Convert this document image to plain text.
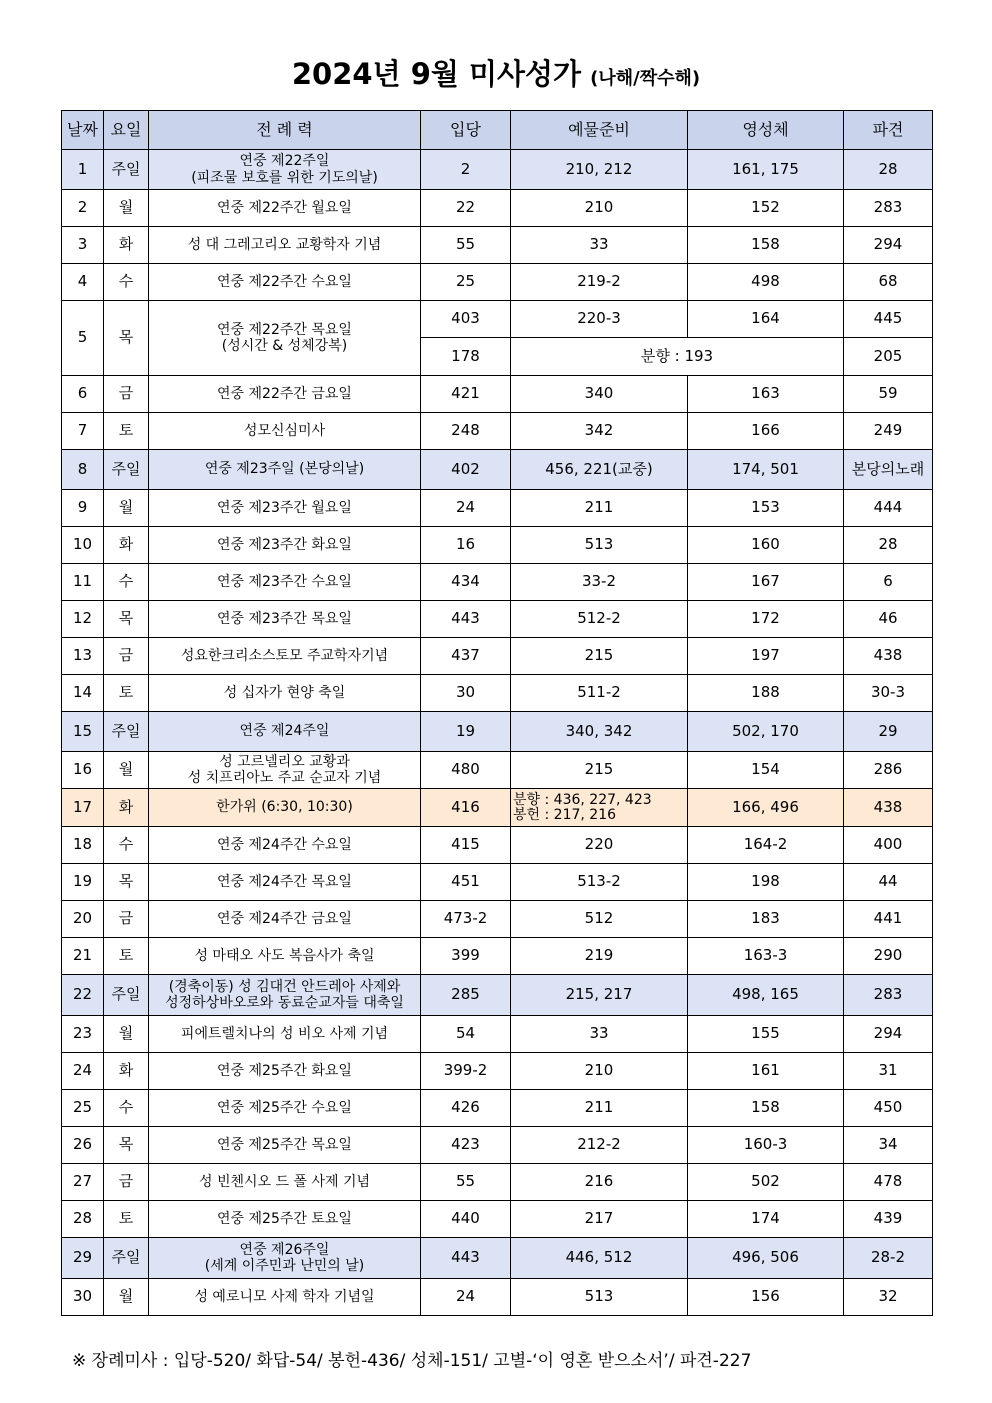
2024년 9월 미사성가 (나해/짝수해)
날짜	요일	전 례 력	입당	예물준비	영성체	파견
1	주일	연중 제22주일
(피조물 보호를 위한 기도의날)	2	210, 212	161, 175	28
2	월	연중 제22주간 월요일	22	210	152	283
3	화	성 대 그레고리오 교황학자 기념	55	33	158	294
4	수	연중 제22주간 수요일	25	219-2	498	68
5	목	연중 제22주간 목요일
(성시간 & 성체강복)	403	220-3	164	445
			178	분향 : 193		205
6	금	연중 제22주간 금요일	421	340	163	59
7	토	성모신심미사	248	342	166	249
8	주일	연중 제23주일 (본당의날)	402	456, 221(교중)	174, 501	본당의노래
9	월	연중 제23주간 월요일	24	211	153	444
10	화	연중 제23주간 화요일	16	513	160	28
11	수	연중 제23주간 수요일	434	33-2	167	6
12	목	연중 제23주간 목요일	443	512-2	172	46
13	금	성요한크리소스토모 주교학자기념	437	215	197	438
14	토	성 십자가 현양 축일	30	511-2	188	30-3
15	주일	연중 제24주일	19	340, 342	502, 170	29
16	월	성 고르넬리오 교황과
성 치프리아노 주교 순교자 기념	480	215	154	286
17	화	한가위 (6:30, 10:30)	416	분향 : 436, 227, 423
봉헌 : 217, 216	166, 496	438
18	수	연중 제24주간 수요일	415	220	164-2	400
19	목	연중 제24주간 목요일	451	513-2	198	44
20	금	연중 제24주간 금요일	473-2	512	183	441
21	토	성 마태오 사도 복음사가 축일	399	219	163-3	290
22	주일	(경축이동) 성 김대건 안드레아 사제와
성정하상바오로와 동료순교자들 대축일	285	215, 217	498, 165	283
23	월	피에트렐치나의 성 비오 사제 기념	54	33	155	294
24	화	연중 제25주간 화요일	399-2	210	161	31
25	수	연중 제25주간 수요일	426	211	158	450
26	목	연중 제25주간 목요일	423	212-2	160-3	34
27	금	성 빈첸시오 드 폴 사제 기념	55	216	502	478
28	토	연중 제25주간 토요일	440	217	174	439
29	주일	연중 제26주일
(세계 이주민과 난민의 날)	443	446, 512	496, 506	28-2
30	월	성 예로니모 사제 학자 기념일	24	513	156	32
※ 장례미사 : 입당-520/ 화답-54/ 봉헌-436/ 성체-151/ 고별-‘이 영혼 받으소서’/ 파견-227
